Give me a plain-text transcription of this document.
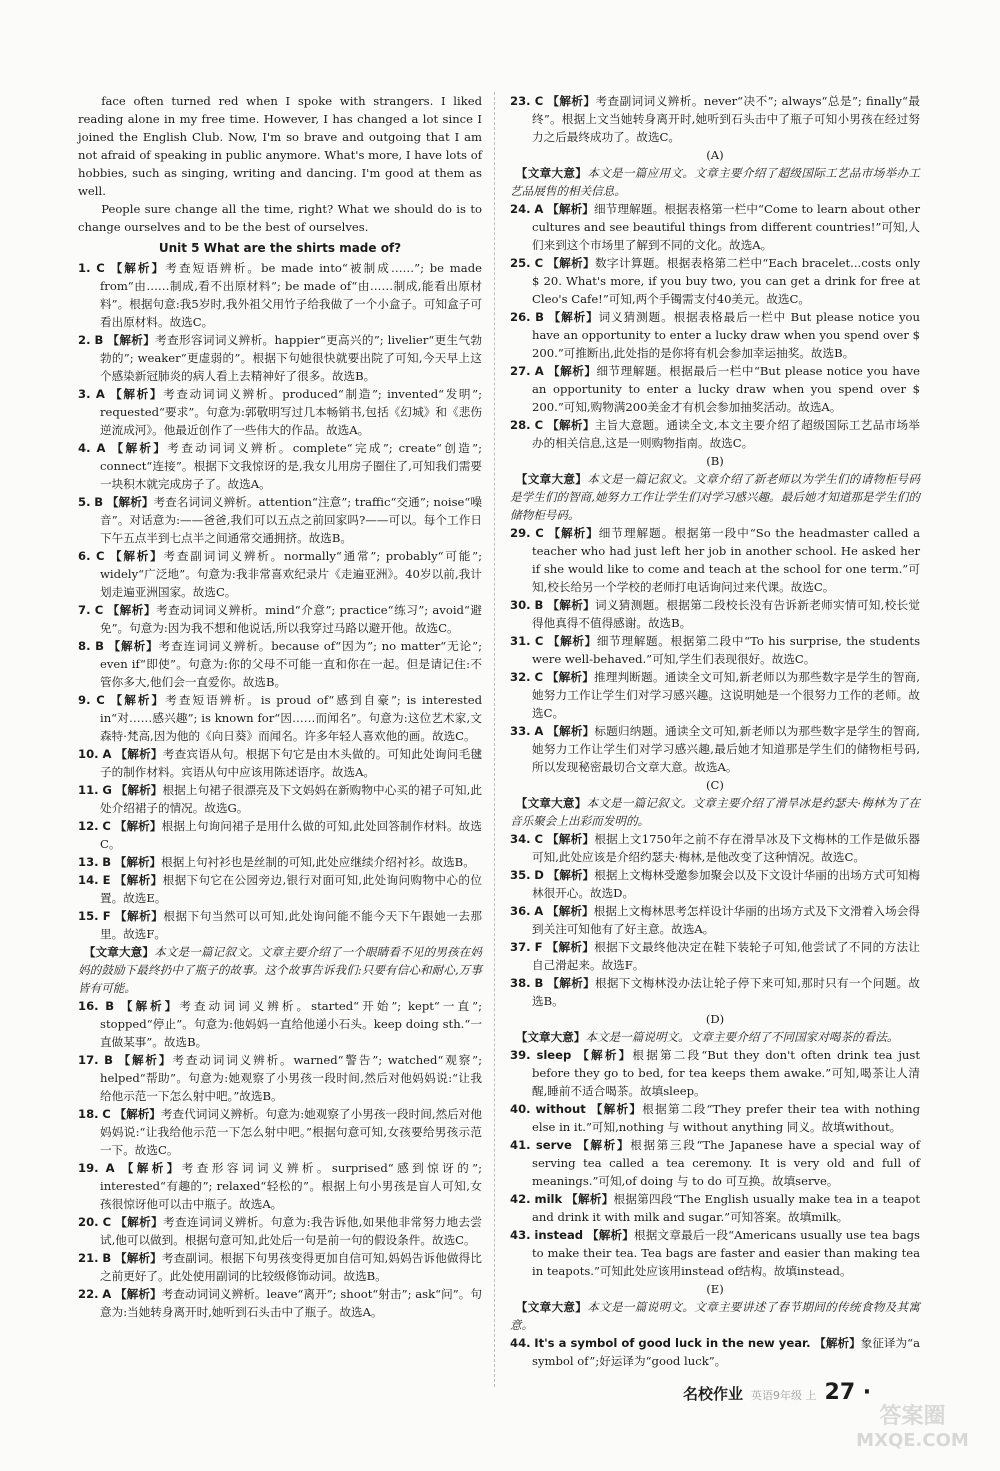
face often turned red when I spoke with strangers. I liked reading alone in my free time. However, I has changed a lot since I joined the English Club. Now, I'm so brave and outgoing that I am not afraid of speaking in public anymore. What's more, I have lots of hobbies, such as singing, writing and dancing. I'm good at them as well.

People sure change all the time, right? What we should do is to change ourselves and to be the best of ourselves.

Unit 5 What are the shirts made of?

1. C 【解析】考查短语辨析。be made into“被制成……”; be made from“由……制成,看不出原材料”; be made of“由……制成,能看出原材料”。根据句意:我5岁时,我外祖父用竹子给我做了一个小盒子。可知盒子可看出原材料。故选C。

2. B 【解析】考查形容词词义辨析。happier“更高兴的”; livelier“更生气勃勃的”; weaker“更虚弱的”。根据下句她很快就要出院了可知,今天早上这个感染新冠肺炎的病人看上去精神好了很多。故选B。

3. A 【解析】考查动词词义辨析。produced“制造”; invented“发明”; requested“要求”。句意为:郭敬明写过几本畅销书,包括《幻城》和《悲伤逆流成河》。他最近创作了一些伟大的作品。故选A。

4. A 【解析】考查动词词义辨析。complete“完成”; create“创造”; connect“连接”。根据下文我惊讶的是,我女儿用房子圈住了,可知我们需要一块积木就完成房子了。故选A。

5. B 【解析】考查名词词义辨析。attention“注意”; traffic“交通”; noise“噪音”。对话意为:——爸爸,我们可以五点之前回家吗?——可以。每个工作日下午五点半到七点半之间通常交通拥挤。故选B。

6. C 【解析】考查副词词义辨析。normally“通常”; probably“可能”; widely“广泛地”。句意为:我非常喜欢纪录片《走遍亚洲》。40岁以前,我计划走遍亚洲国家。故选C。

7. C 【解析】考查动词词义辨析。mind“介意”; practice“练习”; avoid“避免”。句意为:因为我不想和他说话,所以我穿过马路以避开他。故选C。

8. B 【解析】考查连词词义辨析。because of“因为”; no matter“无论”; even if“即使”。句意为:你的父母不可能一直和你在一起。但是请记住:不管你多大,他们会一直爱你。故选B。

9. C 【解析】考查短语辨析。is proud of“感到自豪”; is interested in“对……感兴趣”; is known for“因……而闻名”。句意为:这位艺术家,文森特·梵高,因为他的《向日葵》而闻名。许多年轻人喜欢他的画。故选C。

10. A 【解析】考查宾语从句。根据下句它是由木头做的。可知此处询问毛毽子的制作材料。宾语从句中应该用陈述语序。故选A。

11. G 【解析】根据上句裙子很漂亮及下文妈妈在新购物中心买的裙子可知,此处介绍裙子的情况。故选G。

12. C 【解析】根据上句询问裙子是用什么做的可知,此处回答制作材料。故选C。

13. B 【解析】根据上句衬衫也是丝制的可知,此处应继续介绍衬衫。故选B。

14. E 【解析】根据下句它在公园旁边,银行对面可知,此处询问购物中心的位置。故选E。

15. F 【解析】根据下句当然可以可知,此处询问能不能今天下午跟她一去那里。故选F。

【文章大意】本文是一篇记叙文。文章主要介绍了一个眼睛看不见的男孩在妈妈的鼓励下最终扔中了瓶子的故事。这个故事告诉我们:只要有信心和耐心,万事皆有可能。

16. B 【解析】考查动词词义辨析。started“开始”; kept“一直”; stopped“停止”。句意为:他妈妈一直给他递小石头。keep doing sth.“一直做某事”。故选B。

17. B 【解析】考查动词词义辨析。warned“警告”; watched“观察”; helped“帮助”。句意为:她观察了小男孩一段时间,然后对他妈妈说:“让我给他示范一下怎么射中吧。”故选B。

18. C 【解析】考查代词词义辨析。句意为:她观察了小男孩一段时间,然后对他妈妈说:“让我给他示范一下怎么射中吧。”根据句意可知,女孩要给男孩示范一下。故选C。

19. A 【解析】考查形容词词义辨析。surprised“感到惊讶的”; interested“有趣的”; relaxed“轻松的”。根据上句小男孩是盲人可知,女孩很惊讶他可以击中瓶子。故选A。

20. C 【解析】考查连词词义辨析。句意为:我告诉他,如果他非常努力地去尝试,他可以做到。根据句意可知,此处后一句是前一句的假设条件。故选C。

21. B 【解析】考查副词。根据下句男孩变得更加自信可知,妈妈告诉他做得比之前更好了。此处使用副词的比较级修饰动词。故选B。

22. A 【解析】考查动词词义辨析。leave“离开”; shoot“射击”; ask“问”。句意为:当她转身离开时,她听到石头击中了瓶子。故选A。

23. C 【解析】考查副词词义辨析。never“决不”; always“总是”; finally“最终”。根据上文当她转身离开时,她听到石头击中了瓶子可知小男孩在经过努力之后最终成功了。故选C。

(A)

【文章大意】本文是一篇应用文。文章主要介绍了超级国际工艺品市场举办工艺品展售的相关信息。

24. A 【解析】细节理解题。根据表格第一栏中“Come to learn about other cultures and see beautiful things from different countries!”可知,人们来到这个市场里了解到不同的文化。故选A。

25. C 【解析】数字计算题。根据表格第二栏中“Each bracelet...costs only $ 20. What's more, if you buy two, you can get a drink for free at Cleo's Cafe!”可知,两个手镯需支付40美元。故选C。

26. B 【解析】词义猜测题。根据表格最后一栏中 But please notice you have an opportunity to enter a lucky draw when you spend over $ 200.”可推断出,此处指的是你将有机会参加幸运抽奖。故选B。

27. A 【解析】细节理解题。根据最后一栏中“But please notice you have an opportunity to enter a lucky draw when you spend over $ 200.”可知,购物满200美金才有机会参加抽奖活动。故选A。

28. C 【解析】主旨大意题。通读全文,本文主要介绍了超级国际工艺品市场举办的相关信息,这是一则购物指南。故选C。

(B)

【文章大意】本文是一篇记叙文。文章介绍了新老师以为学生们的请物柜号码是学生们的智商,她努力工作让学生们对学习感兴趣。最后她才知道那是学生们的储物柜号码。

29. C 【解析】细节理解题。根据第一段中“So the headmaster called a teacher who had just left her job in another school. He asked her if she would like to come and teach at the school for one term.”可知,校长给另一个学校的老师打电话询问过来代课。故选C。

30. B 【解析】词义猜测题。根据第二段校长没有告诉新老师实情可知,校长觉得他真得不值得感谢。故选B。

31. C 【解析】细节理解题。根据第二段中“To his surprise, the students were well-behaved.”可知,学生们表现很好。故选C。

32. C 【解析】推理判断题。通读全文可知,新老师以为那些数字是学生的智商,她努力工作让学生们对学习感兴趣。这说明她是一个很努力工作的老师。故选C。

33. A 【解析】标题归纳题。通读全文可知,新老师以为那些数字是学生的智商,她努力工作让学生们对学习感兴趣,最后她才知道那是学生们的储物柜号码,所以发现秘密最切合文章大意。故选A。

(C)

【文章大意】本文是一篇记叙文。文章主要介绍了滑旱冰是约瑟夫·梅林为了在音乐聚会上出彩而发明的。

34. C 【解析】根据上文1750年之前不存在滑旱冰及下文梅林的工作是做乐器可知,此处应该是介绍约瑟夫·梅林,是他改变了这种情况。故选C。

35. D 【解析】根据上文梅林受邀参加聚会以及下文设计华丽的出场方式可知梅林很开心。故选D。

36. A 【解析】根据上文梅林思考怎样设计华丽的出场方式及下文滑着入场会得到关注可知他有了好主意。故选A。

37. F 【解析】根据下文最终他决定在鞋下装轮子可知,他尝试了不同的方法让自己滑起来。故选F。

38. B 【解析】根据下文梅林没办法让轮子停下来可知,那时只有一个问题。故选B。

(D)

【文章大意】本文是一篇说明文。文章主要介绍了不同国家对喝茶的看法。

39. sleep 【解析】根据第二段“But they don't often drink tea just before they go to bed, for tea keeps them awake.”可知,喝茶让人清醒,睡前不适合喝茶。故填sleep。

40. without 【解析】根据第二段“They prefer their tea with nothing else in it.”可知,nothing 与 without anything 同义。故填without。

41. serve 【解析】根据第三段“The Japanese have a special way of serving tea called a tea ceremony. It is very old and full of meanings.”可知,of doing 与 to do 可互换。故填serve。

42. milk 【解析】根据第四段“The English usually make tea in a teapot and drink it with milk and sugar.”可知答案。故填milk。

43. instead 【解析】根据文章最后一段“Americans usually use tea bags to make their tea. Tea bags are faster and easier than making tea in teapots.”可知此处应该用instead of结构。故填instead。

(E)

【文章大意】本文是一篇说明文。文章主要讲述了春节期间的传统食物及其寓意。

44. It's a symbol of good luck in the new year. 【解析】象征译为“a symbol of”;好运译为“good luck”。

名校作业 英语9年级 上 27 ·
答案圈
MXQE.COM
